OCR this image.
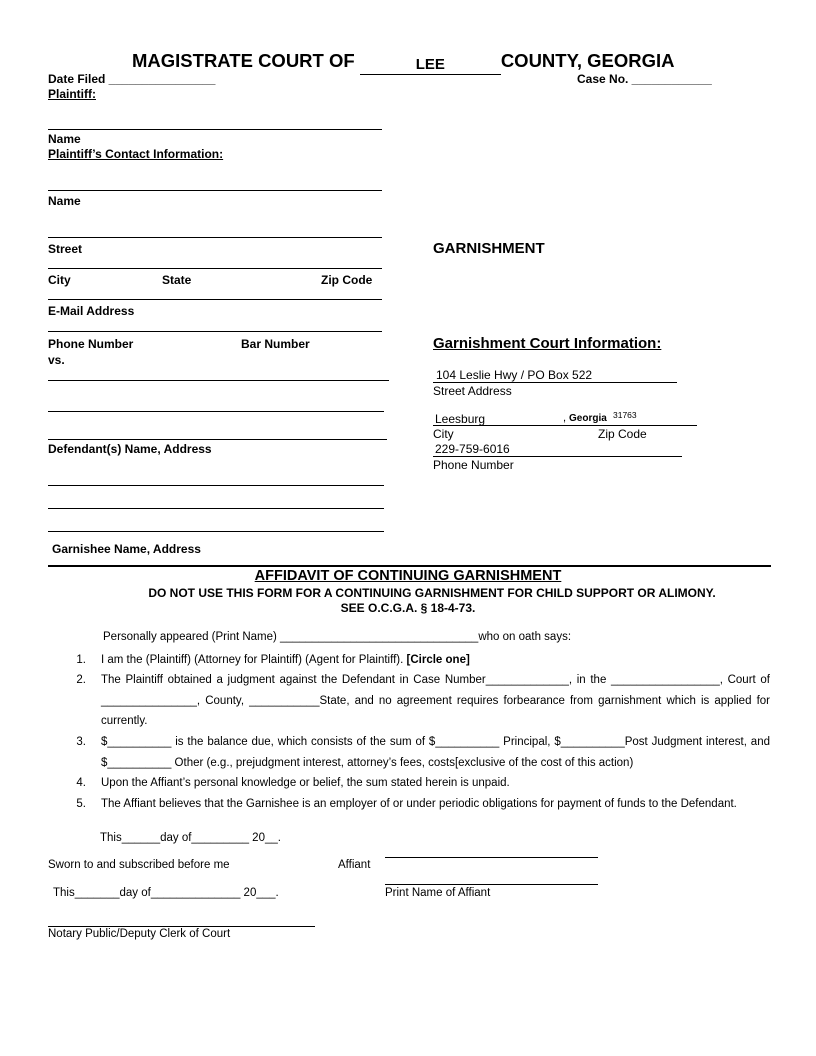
MAGISTRATE COURT OF	LEE	COUNTY, GEORGIA
Date Filed ________________	Case No. ____________
Plaintiff:
Name
Plaintiff’s Contact Information:
Name
Street
City	State	Zip Code
E-Mail Address
Phone Number	Bar Number
vs.
Defendant(s) Name, Address
Garnishee Name, Address
GARNISHMENT
Garnishment Court Information:
104 Leslie Hwy / PO Box 522
Street Address
Leesburg	, Georgia 31763
City	Zip Code
229-759-6016
Phone Number
AFFIDAVIT OF CONTINUING GARNISHMENT
DO NOT USE THIS FORM FOR A CONTINUING GARNISHMENT FOR CHILD SUPPORT OR ALIMONY.
SEE O.C.G.A. § 18-4-73.
Personally appeared (Print Name) _______________________________who on oath says:
1. I am the (Plaintiff) (Attorney for Plaintiff) (Agent for Plaintiff). [Circle one]
2. The Plaintiff obtained a judgment against the Defendant in Case Number_____________, in the _________________, Court of _______________, County, ___________State, and no agreement requires forbearance from garnishment which is applied for currently.
3. $__________ is the balance due, which consists of the sum of $__________ Principal, $__________Post Judgment interest, and $__________ Other (e.g., prejudgment interest, attorney’s fees, costs[exclusive of the cost of this action)
4. Upon the Affiant’s personal knowledge or belief, the sum stated herein is unpaid.
5. The Affiant believes that the Garnishee is an employer of or under periodic obligations for payment of funds to the Defendant.
This______day of_________ 20__.
Sworn to and subscribed before me	Affiant
This_______day of______________ 20___.	Print Name of Affiant
Notary Public/Deputy Clerk of Court
